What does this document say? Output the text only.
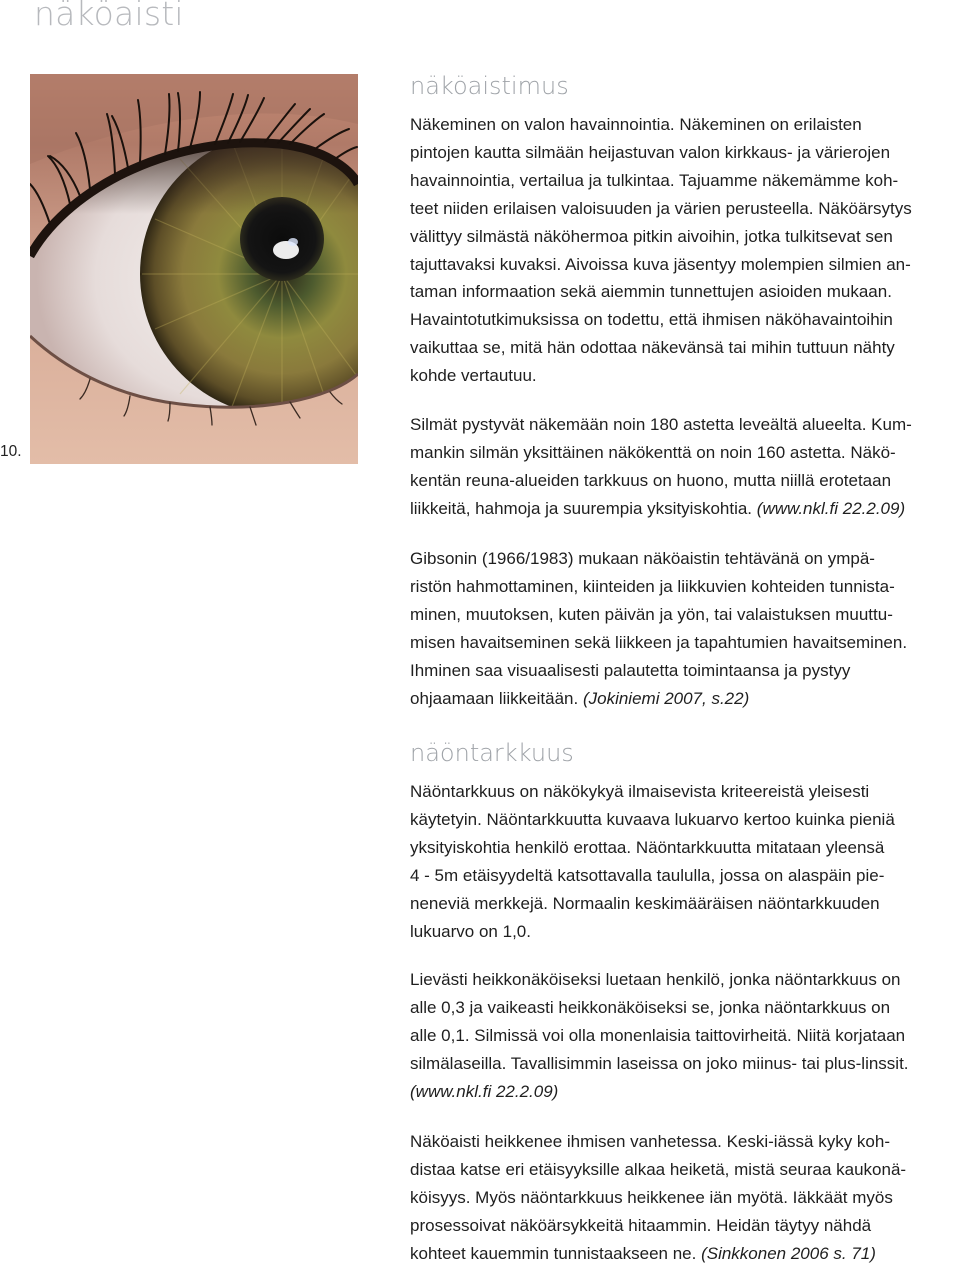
näköaisti
10.
näköaistimus

Näkeminen on valon havainnointia. Näkeminen on erilaisten
pintojen kautta silmään heijastuvan valon kirkkaus- ja värierojen
havainnointia, vertailua ja tulkintaa. Tajuamme näkemämme koh-
teet niiden erilaisen valoisuuden ja värien perusteella. Näköärsytys
välittyy silmästä näköhermoa pitkin aivoihin, jotka tulkitsevat sen
tajuttavaksi kuvaksi. Aivoissa kuva jäsentyy molempien silmien an-
taman informaation sekä aiemmin tunnettujen asioiden mukaan.
Havaintotutkimuksissa on todettu, että ihmisen näköhavaintoihin
vaikuttaa se, mitä hän odottaa näkevänsä tai mihin tuttuun nähty
kohde vertautuu.

Silmät pystyvät näkemään noin 180 astetta leveältä alueelta. Kum-
mankin silmän yksittäinen näkökenttä on noin 160 astetta. Näkö-
kentän reuna-alueiden tarkkuus on huono, mutta niillä erotetaan
liikkeitä, hahmoja ja suurempia yksityiskohtia. (www.nkl.fi 22.2.09)

Gibsonin (1966/1983) mukaan näköaistin tehtävänä on ympä-
ristön hahmottaminen, kiinteiden ja liikkuvien kohteiden tunnista-
minen, muutoksen, kuten päivän ja yön, tai valaistuksen muuttu-
misen havaitseminen sekä liikkeen ja tapahtumien havaitseminen.
Ihminen saa visuaalisesti palautetta toimintaansa ja pystyy
ohjaamaan liikkeitään. (Jokiniemi 2007, s.22)

näöntarkkuus

Näöntarkkuus on näkökykyä ilmaisevista kriteereistä yleisesti
käytetyin. Näöntarkkuutta kuvaava lukuarvo kertoo kuinka pieniä
yksityiskohtia henkilö erottaa. Näöntarkkuutta mitataan yleensä
4 - 5m etäisyydeltä katsottavalla taululla, jossa on alaspäin pie-
neneviä merkkejä. Normaalin keskimääräisen näöntarkkuuden
lukuarvo on 1,0.

Lievästi heikkonäköiseksi luetaan henkilö, jonka näöntarkkuus on
alle 0,3 ja vaikeasti heikkonäköiseksi se, jonka näöntarkkuus on
alle 0,1. Silmissä voi olla monenlaisia taittovirheitä. Niitä korjataan
silmälaseilla. Tavallisimmin laseissa on joko miinus- tai plus-linssit.
(www.nkl.fi 22.2.09)

Näköaisti heikkenee ihmisen vanhetessa. Keski-iässä kyky koh-
distaa katse eri etäisyyksille alkaa heiketä, mistä seuraa kaukonä-
köisyys. Myös näöntarkkuus heikkenee iän myötä. Iäkkäät myös
prosessoivat näköärsykkeitä hitaammin. Heidän täytyy nähdä
kohteet kauemmin tunnistaakseen ne. (Sinkkonen 2006 s. 71)
